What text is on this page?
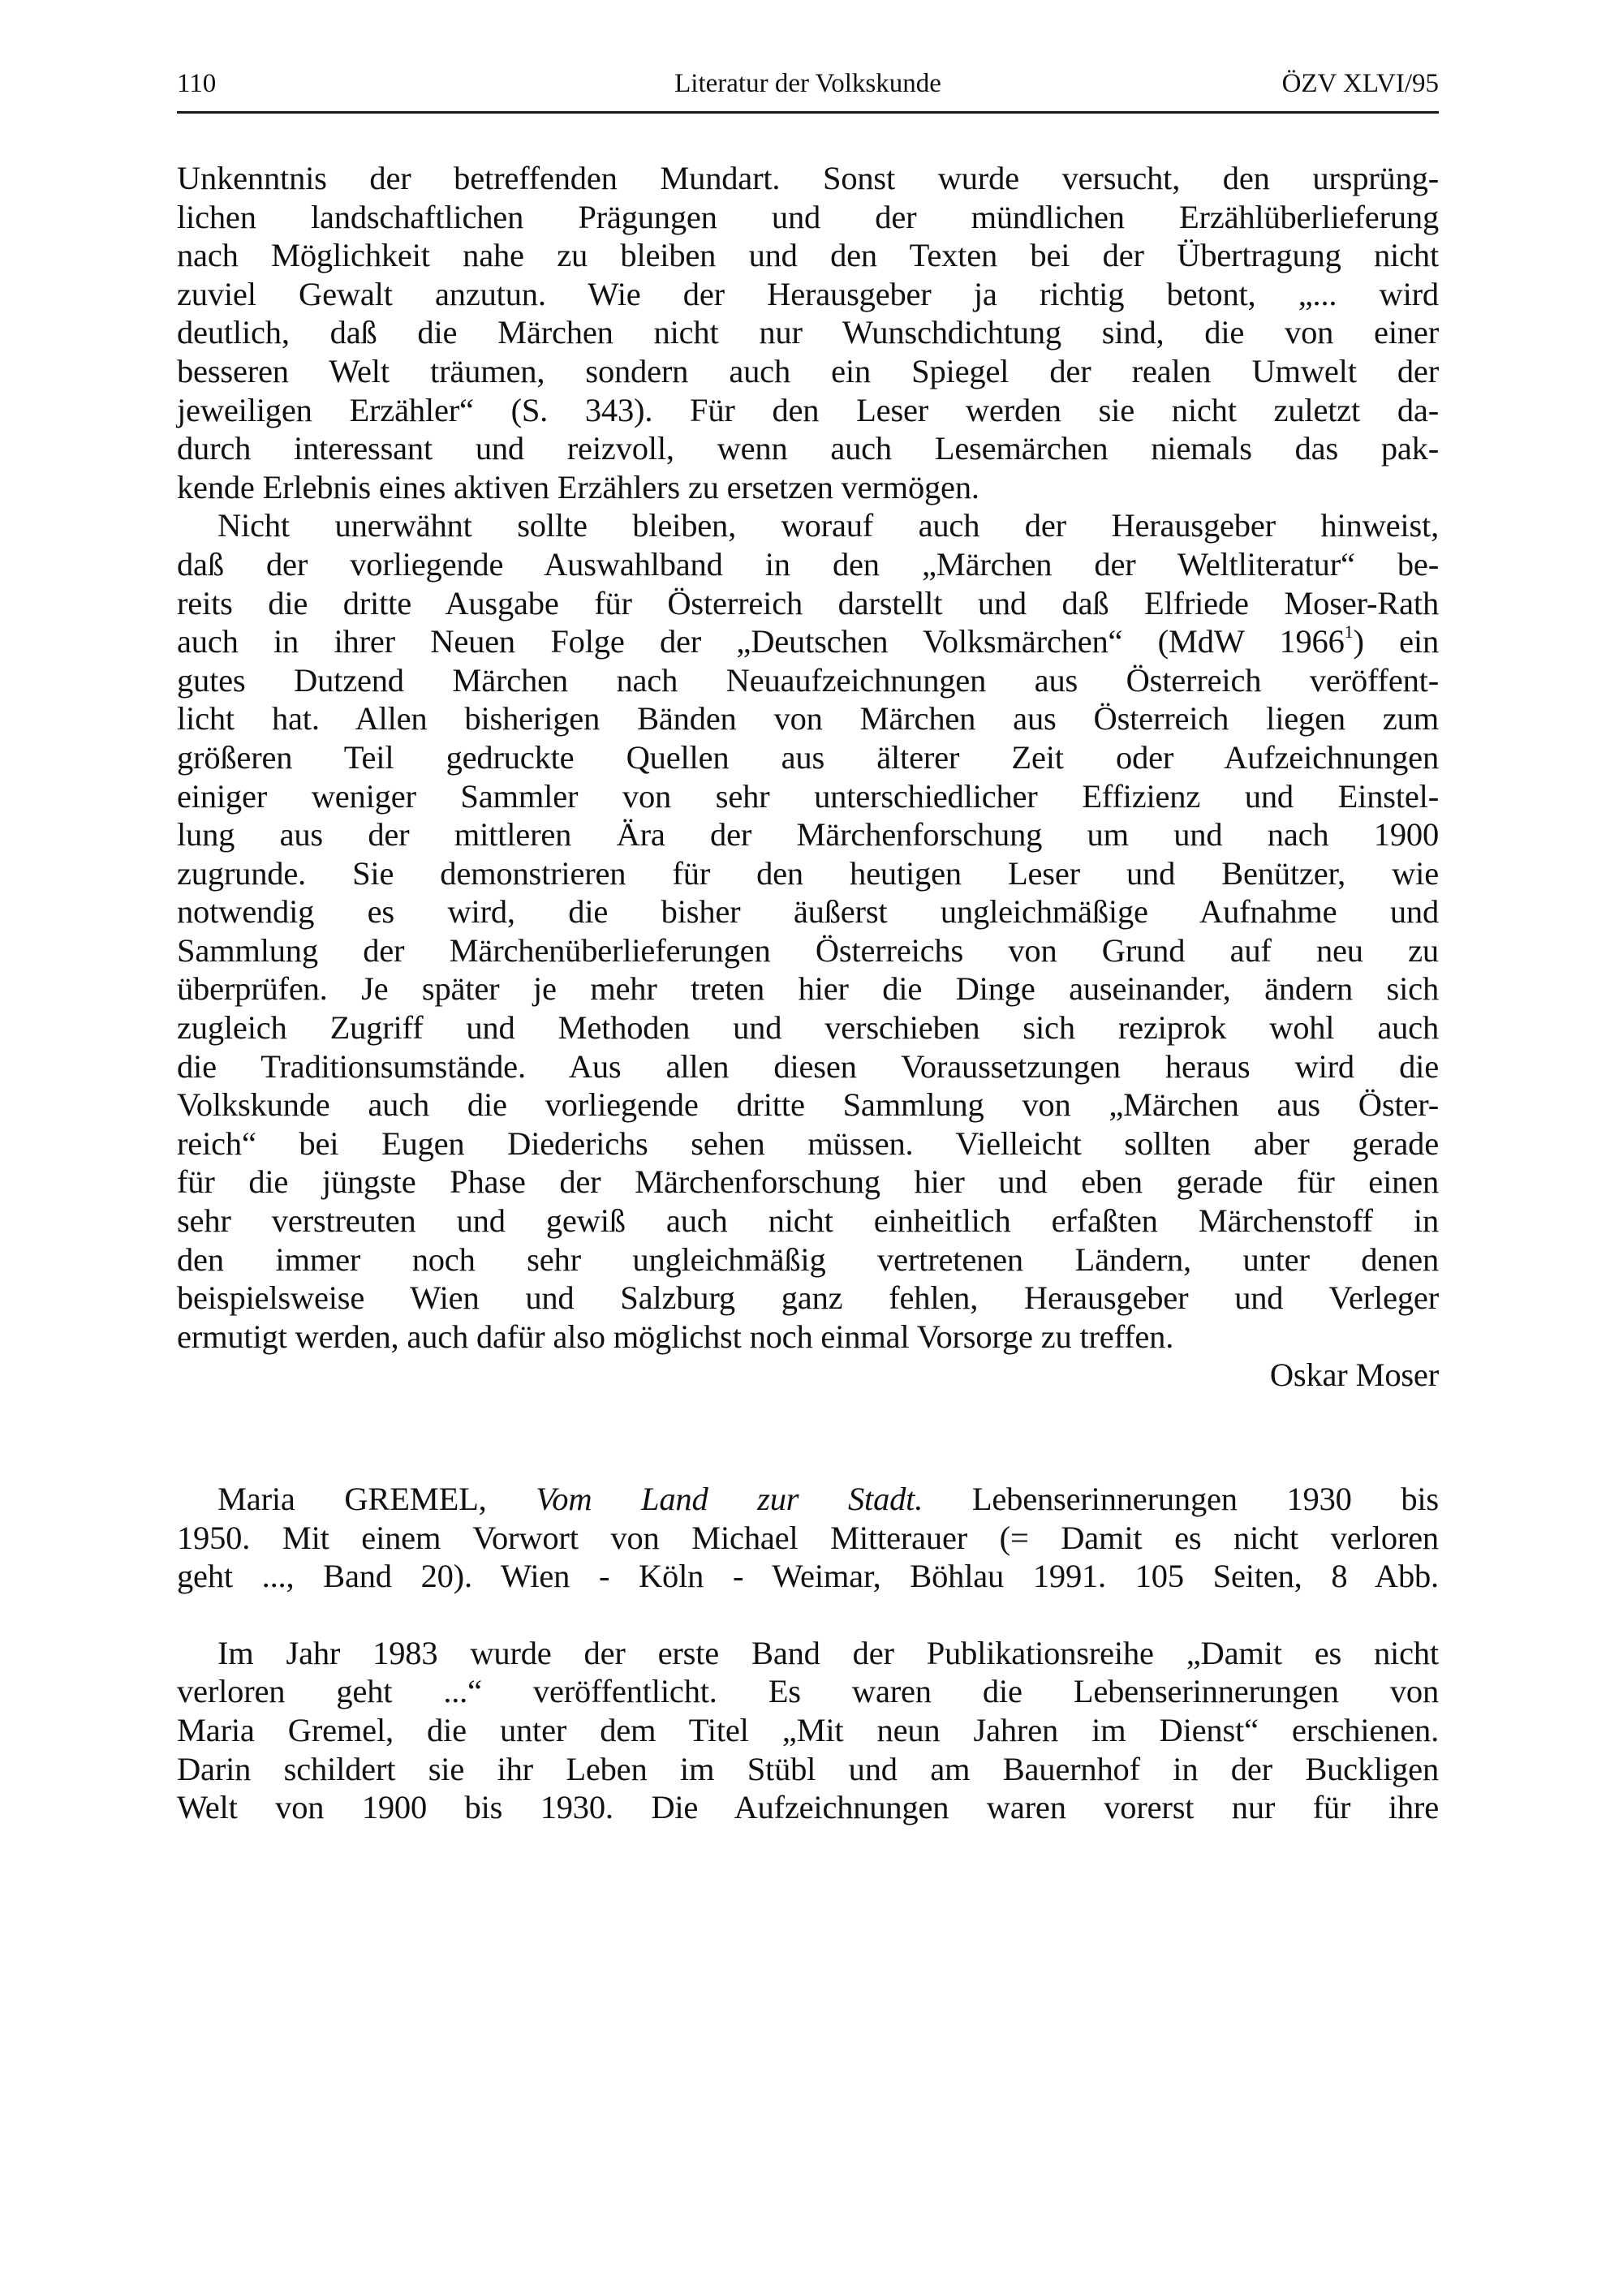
110	Literatur der Volkskunde	ÖZV XLVI/95
Unkenntnis der betreffenden Mundart. Sonst wurde versucht, den ursprüng-
lichen landschaftlichen Prägungen und der mündlichen Erzählüberlieferung
nach Möglichkeit nahe zu bleiben und den Texten bei der Übertragung nicht
zuviel Gewalt anzutun. Wie der Herausgeber ja richtig betont, „... wird
deutlich, daß die Märchen nicht nur Wunschdichtung sind, die von einer
besseren Welt träumen, sondern auch ein Spiegel der realen Umwelt der
jeweiligen Erzähler“ (S. 343). Für den Leser werden sie nicht zuletzt da-
durch interessant und reizvoll, wenn auch Lesemärchen niemals das pak-
kende Erlebnis eines aktiven Erzählers zu ersetzen vermögen.
Nicht unerwähnt sollte bleiben, worauf auch der Herausgeber hinweist,
daß der vorliegende Auswahlband in den „Märchen der Weltliteratur“ be-
reits die dritte Ausgabe für Österreich darstellt und daß Elfriede Moser-Rath
auch in ihrer Neuen Folge der „Deutschen Volksmärchen“ (MdW 1966$^1$) ein
gutes Dutzend Märchen nach Neuaufzeichnungen aus Österreich veröffent-
licht hat. Allen bisherigen Bänden von Märchen aus Österreich liegen zum
größeren Teil gedruckte Quellen aus älterer Zeit oder Aufzeichnungen
einiger weniger Sammler von sehr unterschiedlicher Effizienz und Einstel-
lung aus der mittleren Ära der Märchenforschung um und nach 1900
zugrunde. Sie demonstrieren für den heutigen Leser und Benützer, wie
notwendig es wird, die bisher äußerst ungleichmäßige Aufnahme und
Sammlung der Märchenüberlieferungen Österreichs von Grund auf neu zu
überprüfen. Je später je mehr treten hier die Dinge auseinander, ändern sich
zugleich Zugriff und Methoden und verschieben sich reziprok wohl auch
die Traditionsumstände. Aus allen diesen Voraussetzungen heraus wird die
Volkskunde auch die vorliegende dritte Sammlung von „Märchen aus Öster-
reich“ bei Eugen Diederichs sehen müssen. Vielleicht sollten aber gerade
für die jüngste Phase der Märchenforschung hier und eben gerade für einen
sehr verstreuten und gewiß auch nicht einheitlich erfaßten Märchenstoff in
den immer noch sehr ungleichmäßig vertretenen Ländern, unter denen
beispielsweise Wien und Salzburg ganz fehlen, Herausgeber und Verleger
ermutigt werden, auch dafür also möglichst noch einmal Vorsorge zu treffen.
Oskar Moser
Maria GREMEL, Vom Land zur Stadt. Lebenserinnerungen 1930 bis
1950. Mit einem Vorwort von Michael Mitterauer (= Damit es nicht verloren
geht ..., Band 20). Wien - Köln - Weimar, Böhlau 1991. 105 Seiten, 8 Abb.
Im Jahr 1983 wurde der erste Band der Publikationsreihe „Damit es nicht
verloren geht ...“ veröffentlicht. Es waren die Lebenserinnerungen von
Maria Gremel, die unter dem Titel „Mit neun Jahren im Dienst“ erschienen.
Darin schildert sie ihr Leben im Stübl und am Bauernhof in der Buckligen
Welt von 1900 bis 1930. Die Aufzeichnungen waren vorerst nur für ihre
